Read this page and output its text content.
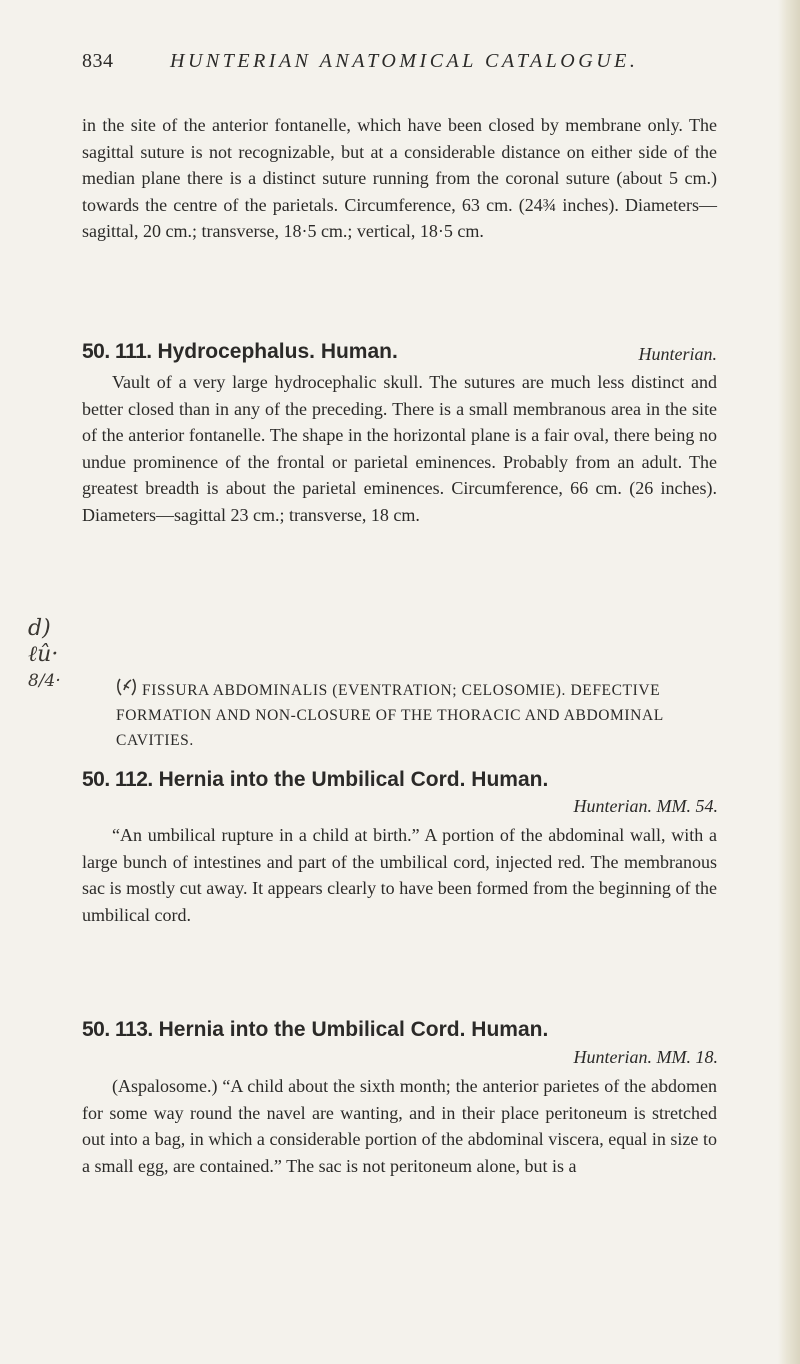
834	HUNTERIAN ANATOMICAL CATALOGUE.

in the site of the anterior fontanelle, which have been closed by membrane only. The sagittal suture is not recognizable, but at a considerable distance on either side of the median plane there is a distinct suture running from the coronal suture (about 5 cm.) towards the centre of the parietals. Circumference, 63 cm. (24¾ inches). Diameters—sagittal, 20 cm.; transverse, 18·5 cm.; vertical, 18·5 cm.

50. 111. Hydrocephalus. Human.	Hunterian.

Vault of a very large hydrocephalic skull. The sutures are much less distinct and better closed than in any of the preceding. There is a small membranous area in the site of the anterior fontanelle. The shape in the horizontal plane is a fair oval, there being no undue prominence of the frontal or parietal eminences. Probably from an adult. The greatest breadth is about the parietal eminences. Circumference, 66 cm. (26 inches). Diameters—sagittal 23 cm.; transverse, 18 cm.

d)
ℓû·
8/4·	FISSURA ABDOMINALIS (EVENTRATION; CELOSOMIE). DEFECTIVE FORMATION AND NON-CLOSURE OF THE THORACIC AND ABDOMINAL CAVITIES.
50. 112. Hernia into the Umbilical Cord. Human.
Hunterian. MM. 54.

“An umbilical rupture in a child at birth.” A portion of the abdominal wall, with a large bunch of intestines and part of the umbilical cord, injected red. The membranous sac is mostly cut away. It appears clearly to have been formed from the beginning of the umbilical cord.

50. 113. Hernia into the Umbilical Cord. Human.
Hunterian. MM. 18.

(Aspalosome.) “A child about the sixth month; the anterior parietes of the abdomen for some way round the navel are wanting, and in their place peritoneum is stretched out into a bag, in which a considerable portion of the abdominal viscera, equal in size to a small egg, are contained.” The sac is not peritoneum alone, but is a
